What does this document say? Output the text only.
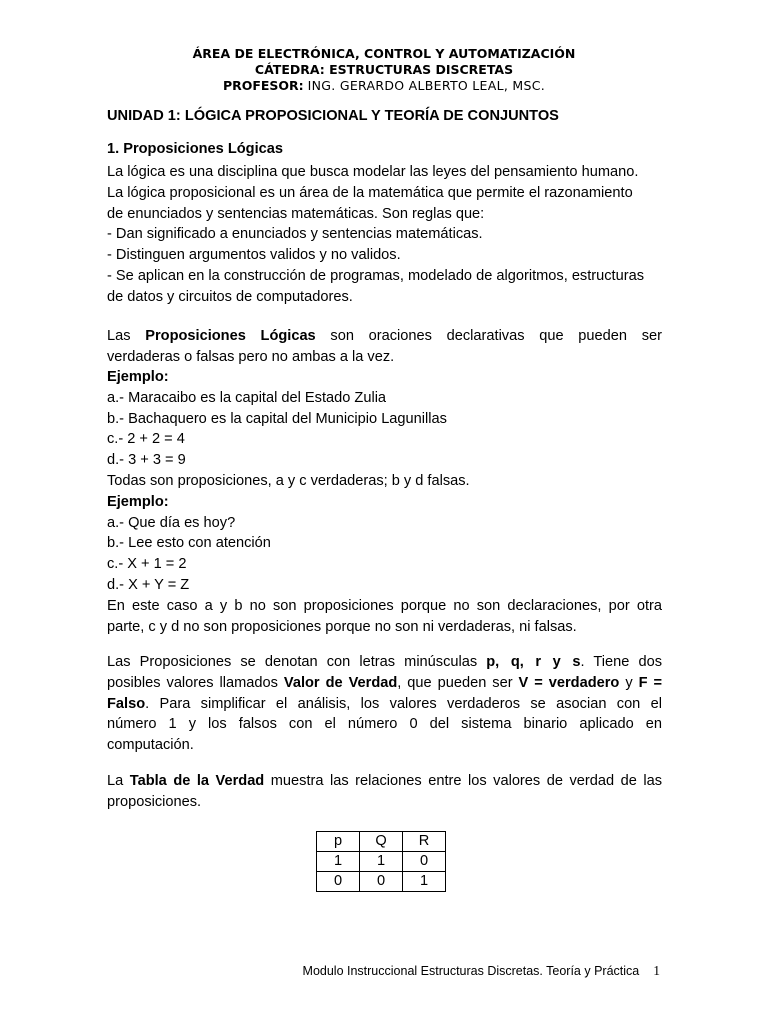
ÁREA DE ELECTRÓNICA, CONTROL Y AUTOMATIZACIÓN
CÁTEDRA: ESTRUCTURAS DISCRETAS
PROFESOR: ING. GERARDO ALBERTO LEAL, MSC.
UNIDAD 1: LÓGICA PROPOSICIONAL Y TEORÍA DE CONJUNTOS
1. Proposiciones Lógicas
La lógica es una disciplina que busca modelar las leyes del pensamiento humano.
La lógica proposicional es un área de la matemática que permite el razonamiento
de enunciados y sentencias matemáticas. Son reglas que:
- Dan significado a enunciados y sentencias matemáticas.
- Distinguen argumentos validos y no validos.
- Se aplican en la construcción de programas, modelado de algoritmos, estructuras
de datos y circuitos de computadores.
Las Proposiciones Lógicas son oraciones declarativas que pueden ser
verdaderas o falsas pero no ambas a la vez.
Ejemplo:
a.- Maracaibo es la capital del Estado Zulia
b.- Bachaquero es la capital del Municipio Lagunillas
c.- 2 + 2 = 4
d.- 3 + 3 = 9
Todas son proposiciones, a y c verdaderas; b y d falsas.
Ejemplo:
a.- Que día es hoy?
b.- Lee esto con atención
c.- X + 1 = 2
d.- X + Y = Z
En este caso a y b no son proposiciones porque no son declaraciones, por otra
parte, c y d no son proposiciones porque no son ni verdaderas, ni falsas.
Las Proposiciones se denotan con letras minúsculas p, q, r y s. Tiene dos
posibles valores llamados Valor de Verdad, que pueden ser V = verdadero y F =
Falso. Para simplificar el análisis, los valores verdaderos se asocian con el
número 1 y los falsos con el número 0 del sistema binario aplicado en
computación.
La Tabla de la Verdad muestra las relaciones entre los valores de verdad de las
proposiciones.
p	Q	R
1	1	0
0	0	1
Modulo Instruccional Estructuras Discretas. Teoría y Práctica 1
